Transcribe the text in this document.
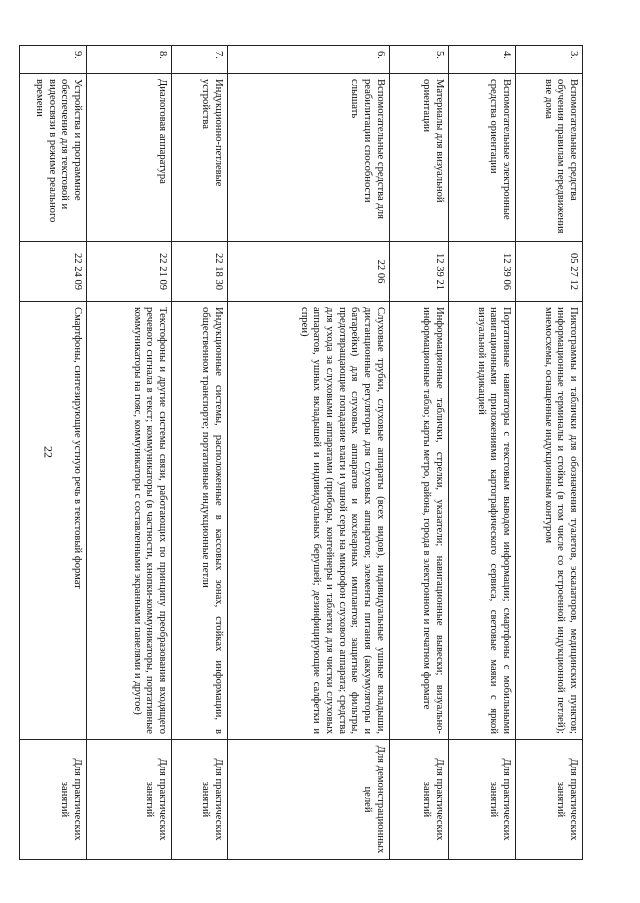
22
3.	Вспомогательные средства обучения правилам передвижения вне дома	05 27 12	Пиктограммы и таблички для обозначения туалетов, эскалаторов, медицинских пунктов; информационные терминалы и стойки (в том числе со встроенной индукционной петлей); мнемосхемы, оснащенные индукционным контуром	Для практических занятий
4.	Вспомогательные электронные средства ориентации	12 39 06	Портативные навигаторы с текстовым выводом информации; смартфоны с мобильными навигационными приложениями картографического сервиса, световые маяки с яркой визуальной индикацией	Для практических занятий
5.	Материалы для визуальной ориентации	12 39 21	Информационные таблички, стрелки, указатели; навигационные вывески; визуально-информационные табло; карты метро, района, города в электронном и печатном формате	Для практических занятий
6.	Вспомогательные средства для реабилитации способности слышать	22 06	Слуховые трубки, слуховые аппараты (всех видов), индивидуальные ушные вкладыши, дистанционные регуляторы для слуховых аппаратов; элементы питания (аккумуляторы и батарейки) для слуховых аппаратов и кохлеарных имплантов; защитные фильтры, предотвращающие попадание влаги и ушной серы на микрофон слухового аппарата; средства для ухода за слуховыми аппаратами (приборы, контейнеры и таблетки для чистки слуховых аппаратов, ушных вкладышей и индивидуальных берушей; дезинфицирующие салфетки и спреи)	Для демонстрационных целей
7.	Индукционно-петлевые устройства	22 18 30	Индукционные системы, расположенные в кассовых зонах, стойках информации, в общественном транспорте; портативные индукционные петли	Для практических занятий
8.	Диалоговая аппаратура	22 21 09	Текстофоны и другие системы связи, работающих по принципу преобразования входящего речевого сигнала в текст; коммуникаторы (в частности, кнопки-коммуникаторы, портативные коммуникаторы на пояс, коммуникаторы с составленными экранными панелями и другое)	Для практических занятий
9.	Устройства и программное обеспечение для текстовой и видеосвязи в режиме реального времени	22 24 09	Смартфоны, синтезирующие устную речь в текстовый формат	Для практических занятий
